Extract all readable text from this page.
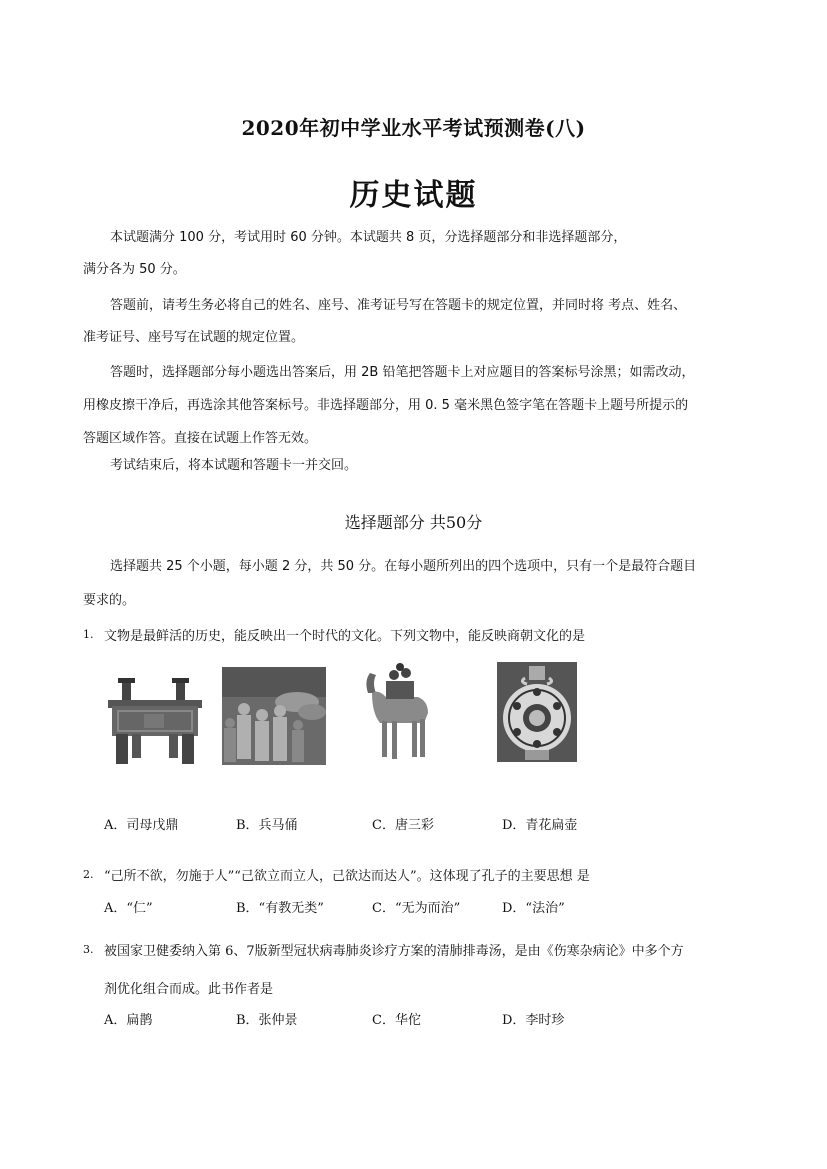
2020年初中学业水平考试预测卷(八)
历史试题
本试题满分 100 分，考试用时 60 分钟。本试题共 8 页，分选择题部分和非选择题部分，
满分各为 50 分。
答题前，请考生务必将自己的姓名、座号、准考证号写在答题卡的规定位置，并同时将 考点、姓名、
准考证号、座号写在试题的规定位置。
答题时，选择题部分每小题选出答案后，用 2B 铅笔把答题卡上对应题目的答案标号涂黑；如需改动，
用橡皮擦干净后，再选涂其他答案标号。非选择题部分，用 0. 5 毫米黑色签字笔在答题卡上题号所提示的
答题区域作答。直接在试题上作答无效。
考试结束后，将本试题和答题卡一并交回。
选择题部分 共50分
选择题共 25 个小题，每小题 2 分，共 50 分。在每小题所列出的四个选项中，只有一个是最符合题目
要求的。
1. 文物是最鲜活的历史，能反映出一个时代的文化。下列文物中，能反映商朝文化的是
A．司母戊鼎	B．兵马俑	C．唐三彩	D．青花扁壶
2. “己所不欲，勿施于人”“己欲立而立人，己欲达而达人”。这体现了孔子的主要思想 是
A．“仁”	B．“有教无类”	C．“无为而治”	D．“法治”
3. 被国家卫健委纳入第 6、7版新型冠状病毒肺炎诊疗方案的清肺排毒汤，是由《伤寒杂病论》中多个方
剂优化组合而成。此书作者是
A．扁鹊	B．张仲景	C．华佗	D．李时珍
